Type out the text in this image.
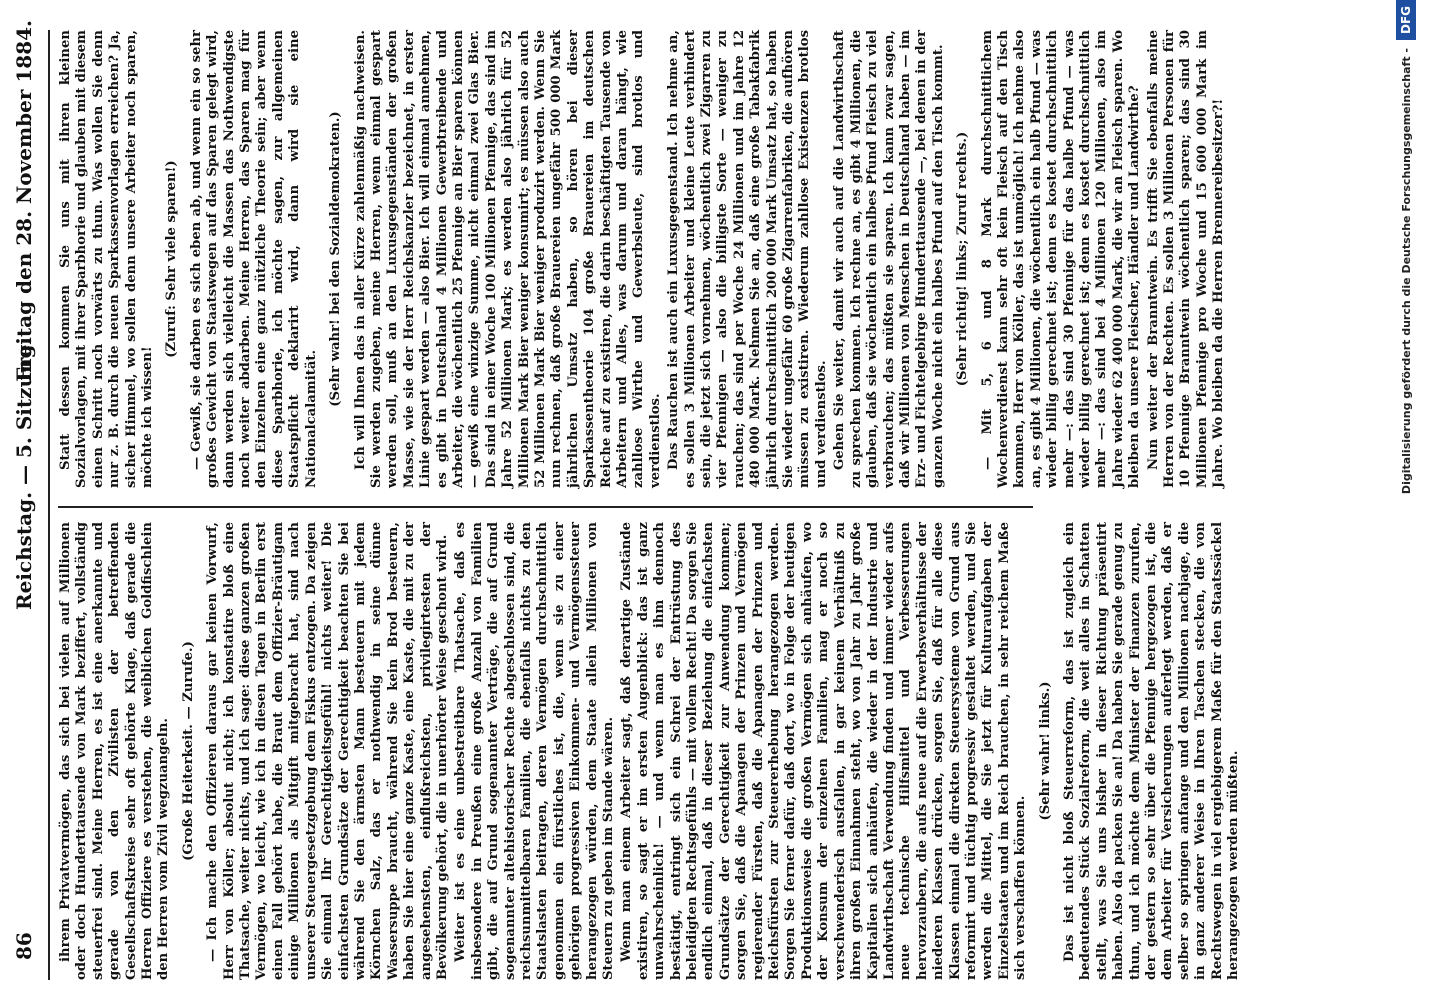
86
Reichstag. — 5. Sitzung.
Freitag den 28. November 1884.

ihrem Privatvermögen, das sich bei vielen auf Millionen oder doch Hunderttausende von Mark beziffert, vollständig steuerfrei sind. Meine Herren, es ist eine anerkannte und gerade von den Zivilisten der betreffenden Gesellschaftskreise sehr oft gehörte Klage, daß gerade die Herren Offiziere es verstehen, die weiblichen Goldfischlein den Herren vom Zivil wegzuangeln. (Große Heiterkeit. — Zurufe.) — Ich mache den Offizieren daraus gar keinen Vorwurf, Herr von Köller; absolut nicht; ich konstatire bloß eine Thatsache, weiter nichts, und ich sage: diese ganzen großen Vermögen, wo leicht, wie ich in diesen Tagen in Berlin erst einen Fall gehört habe, die Braut dem Offizier-Bräutigam einige Millionen als Mitgift mitgebracht hat, sind nach unserer Steuergesetzgebung dem Fiskus entzogen. Da zeigen Sie einmal Ihr Gerechtigkeitsgefühl! nichts weiter! Die einfachsten Grundsätze der Gerechtigkeit beachten Sie bei während Sie den ärmsten Mann besteuern mit jedem Körnchen Salz, das er nothwendig in seine dünne Wassersuppe braucht, während Sie kein Brod besteuern, haben Sie hier eine ganze Kaste, eine Kaste, die mit zu der angesehensten, einflußreichsten, privilegirtesten der Bevölkerung gehört, die in unerhörter Weise geschont wird. Weiter ist es eine unbestreitbare Thatsache, daß es insbesondere in Preußen eine große Anzahl von Familien gibt, die auf Grund sogenannter Verträge, die auf Grund sogenannter altehistorischer Rechte abgeschlossen sind, die reichsunmittelbaren Familien, die ebenfalls nichts zu den Staatslasten beitragen, deren Vermögen durchschnittlich genommen ein fürstliches ist, die, wenn sie zu einer gehörigen progressiven Einkommen- und Vermögenssteuer herangezogen würden, dem Staate allein Millionen von Steuern zu geben im Stande wären. Wenn man einem Arbeiter sagt, daß derartige Zustände existiren, so sagt er im ersten Augenblick: das ist ganz unwahrscheinlich! — und wenn man es ihm dennoch bestätigt, entringt sich ein Schrei der Entrüstung des beleidigten Rechtsgefühls — mit vollem Recht! Da sorgen Sie endlich einmal, daß in dieser Beziehung die einfachsten Grundsätze der Gerechtigkeit zur Anwendung kommen; sorgen Sie, daß die Apanagen der Prinzen und Vermögen regierender Fürsten, daß die Apanagen der Prinzen und Reichsfürsten zur Steuererhebung herangezogen werden. Sorgen Sie ferner dafür, daß dort, wo in Folge der heutigen Produktionsweise die großen Vermögen sich anhäufen, wo der Konsum der einzelnen Familien, mag er noch so verschwenderisch ausfallen, in gar keinem Verhältniß zu ihren großen Einnahmen steht, wo von Jahr zu Jahr große Kapitalien sich anhäufen, die wieder in der Industrie und Landwirthschaft Verwendung finden und immer wieder aufs neue technische Hilfsmittel und Verbesserungen hervorzaubern, die aufs neue auf die Erwerbsverhältnisse der niederen Klassen drücken, sorgen Sie, daß für alle diese Klassen einmal die direkten Steuersysteme von Grund aus reformirt und tüchtig progressiv gestaltet werden, und Sie werden die Mittel, die Sie jetzt für Kulturaufgaben der Einzelstaaten und im Reich brauchen, in sehr reichem Maße sich verschaffen können.

(Sehr wahr! links.) Das ist nicht bloß Steuerreform, das ist zugleich ein bedeutendes Stück Sozialreform, die weit alles in Schatten stellt, was Sie uns bisher in dieser Richtung präsentirt haben. Also da packen Sie an! Da haben Sie gerade genug zu thun, und ich möchte dem Minister der Finanzen zurufen, der gestern so sehr über die Pfennige hergezogen ist, die dem Arbeiter für Versicherungen auferlegt werden, daß er selber so springen anfange und den Millionen nachjage, die in ganz anderer Weise in Ihren Taschen stecken, die von Rechtswegen in viel ergiebigerem Maße für den Staatssäckel herangezogen werden müßten.

Statt dessen kommen Sie uns mit ihren kleinen Sozialvorlagen, mit ihrer Sparbhorie und glauben mit diesem einen Schritt noch vorwärts zu thun. Was wollen Sie denn nur z. B. durch die neuen Sparkassenvorlagen erreichen? Ja, sicher Himmel, wo sollen denn unsere Arbeiter noch sparen, möchte ich wissen!

(Zuruf: Sehr viele sparen!) — Gewiß, sie darben es sich eben ab, und wenn ein so sehr großes Gewicht von Staatswegen auf das Sparen gelegt wird, dann werden sich vielleicht die Massen das Nothwendigste noch weiter abdarben. Meine Herren, das Sparen mag für den Einzelnen eine ganz nützliche Theorie sein; aber wenn diese Sparbhorie, ich möchte sagen, zur allgemeinen Staatspflicht deklarirt wird, dann wird sie eine Nationalcalamität.

(Sehr wahr! bei den Sozialdemokraten.) Ich will Ihnen das in aller Kürze zahlenmäßig nachweisen. Sie werden zugeben, meine Herren, wenn einmal gespart werden soll, muß an den Luxusgegenständen der großen Masse, wie sie der Herr Reichskanzler bezeichnet, in erster Linie gespart werden — also Bier. Ich will einmal annehmen, es gibt in Deutschland 4 Millionen Gewerbtreibende und Arbeiter, die wöchentlich 25 Pfennige an Bier sparen können — gewiß eine winzige Summe, nicht einmal zwei Glas Bier. Das sind in einer Woche 100 Millionen Pfennige, das sind im Jahre 52 Millionen Mark; es werden also jährlich für 52 Millionen Mark Bier weniger konsumirt; es müssen also auch 52 Millionen Mark Bier weniger produzirt werden. Wenn Sie nun rechnen, daß große Brauereien ungefähr 500 000 Mark jährlichen Umsatz haben, so hören bei dieser Sparkassentheorie 104 große Brauereien im deutschen Reiche auf zu existiren, die darin beschäftigten Tausende von Arbeitern und Alles, was darum und daran hängt, wie zahllose Wirthe und Gewerbsleute, sind brotlos und verdienstlos. Das Rauchen ist auch ein Luxusgegenstand. Ich nehme an, es sollen 3 Millionen Arbeiter und kleine Leute verhindert sein, die jetzt sich vornehmen, wöchentlich zwei Zigarren zu vier Pfennigen — also die billigste Sorte — weniger zu rauchen; das sind per Woche 24 Millionen und im Jahre 12 480 000 Mark. Nehmen Sie an, daß eine große Tabakfabrik jährlich durchschnittlich 200 000 Mark Umsatz hat, so haben Sie wieder ungefähr 60 große Zigarrenfabriken, die aufhören müssen zu existiren. Wiederum zahllose Existenzen brotlos und verdienstlos. Gehen Sie weiter, damit wir auch auf die Landwirthschaft zu sprechen kommen. Ich rechne an, es gibt 4 Millionen, die glauben, daß sie wöchentlich ein halbes Pfund Fleisch zu viel verbrauchen; das müßten sie sparen. Ich kann zwar sagen, daß wir Millionen von Menschen in Deutschland haben — im Erz- und Fichtelgebirge Hunderttausende —, bei denen in der ganzen Woche nicht ein halbes Pfund auf den Tisch kommt. (Sehr richtig! links; Zuruf rechts.) — Mit 5, 6 und 8 Mark durchschnittlichem Wochenverdienst kann sehr oft kein Fleisch auf den Tisch kommen, Herr von Köller, das ist unmöglich! Ich nehme also an, es gibt 4 Millionen, die wöchentlich ein halb Pfund — was wieder billig gerechnet ist; denn es kostet durchschnittlich mehr —: das sind 30 Pfennige für das halbe Pfund — was wieder billig gerechnet ist; denn es kostet durchschnittlich mehr —: das sind bei 4 Millionen 120 Millionen, also im Jahre wieder 62 400 000 Mark, die wir an Fleisch sparen. Wo bleiben da unsere Fleischer, Händler und Landwirthe? Nun weiter der Branntwein. Es trifft Sie ebenfalls meine Herren von der Rechten. Es sollen 3 Millionen Personen für 10 Pfennige Branntwein wöchentlich sparen; das sind 30 Millionen Pfennige pro Woche und 15 600 000 Mark im Jahre. Wo bleiben da die Herren Brennereibesitzer?!	Digitalisierung gefördert durch die Deutsche Forschungsgemeinschaft -
DFG
